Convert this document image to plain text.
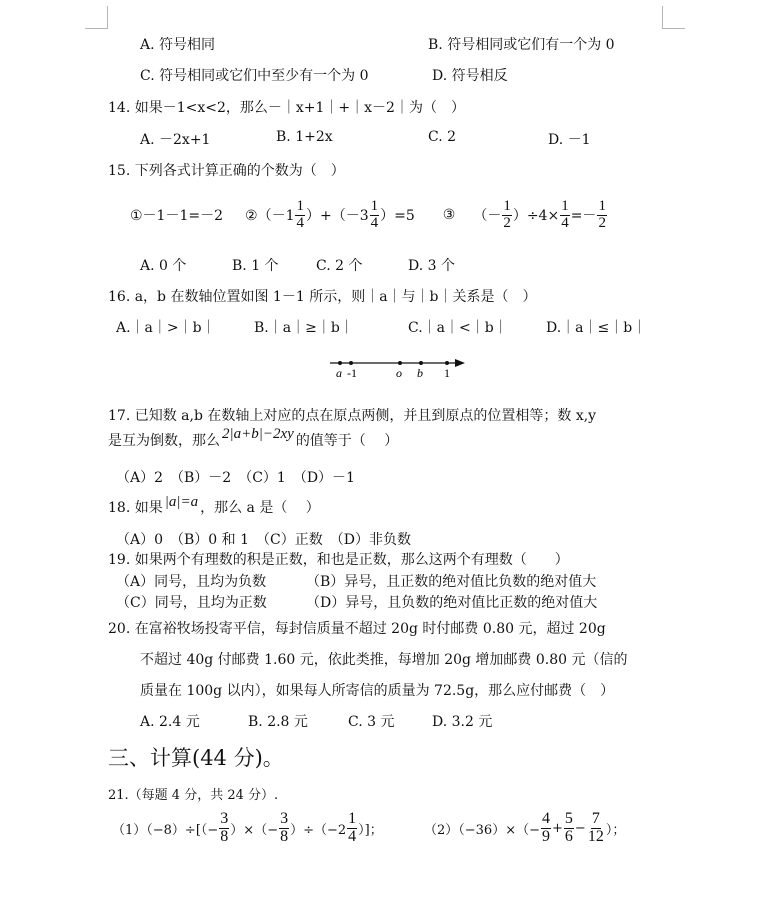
A. 符号相同	B. 符号相同或它们有一个为 0
C. 符号相同或它们中至少有一个为 0	D. 符号相反
14. 如果－1<x<2，那么－｜x+1｜+｜x－2｜为（　）
A. －2x+1	B. 1+2x	C. 2	D. －1
15. 下列各式计算正确的个数为（　）
①－1－1=－2 ②（－1 $\frac{1}{4} )+(-3 \frac{1}{4} )=5$ ③ （－ $\frac{1}{2} )\div 4\times \frac{1}{4} =- \frac{1}{2}$
A. 0 个	B. 1 个	C. 2 个	D. 3 个
16. a，b 在数轴位置如图 1－1 所示，则｜a｜与｜b｜关系是（　）
A.｜a｜>｜b｜	B.｜a｜≥｜b｜	C.｜a｜<｜b｜	D.｜a｜≤｜b｜
a -1	o b 1
17. 已知数 a,b 在数轴上对应的点在原点两侧，并且到原点的位置相等；数 x,y
是互为倒数，那么 2|a+b|−2xy 的值等于（　 ）
（A）2　（B）－2　（C）1　（D）－1
18. 如果 |a|=a ，那么 a 是（　 ）
（A）0　（B）0 和 1　（C）正数　（D）非负数
19. 如果两个有理数的积是正数，和也是正数，那么这两个有理数（　　）
（A）同号，且均为负数	（B）异号，且正数的绝对值比负数的绝对值大
（C）同号，且均为正数	（D）异号，且负数的绝对值比正数的绝对值大
20. 在富裕牧场投寄平信，每封信质量不超过 20g 时付邮费 0.80 元，超过 20g
不超过 40g 付邮费 1.60 元，依此类推，每增加 20g 增加邮费 0.80 元（信的
质量在 100g 以内），如果每人所寄信的质量为 72.5g，那么应付邮费（　）
A. 2.4 元	B. 2.8 元	C. 3 元	D. 3.2 元
三、计算(44 分)。
21.（每题 4 分，共 24 分）.
$(1)(-8)\div[(- \frac{3}{8}$ ）×（− $\frac{3}{8} )\div(-2 \frac{1}{4}$ ）]；	$(2)(-36)\times(- \frac{4}{9} + \frac{5}{6} - \frac{7}{12}$ ）；
